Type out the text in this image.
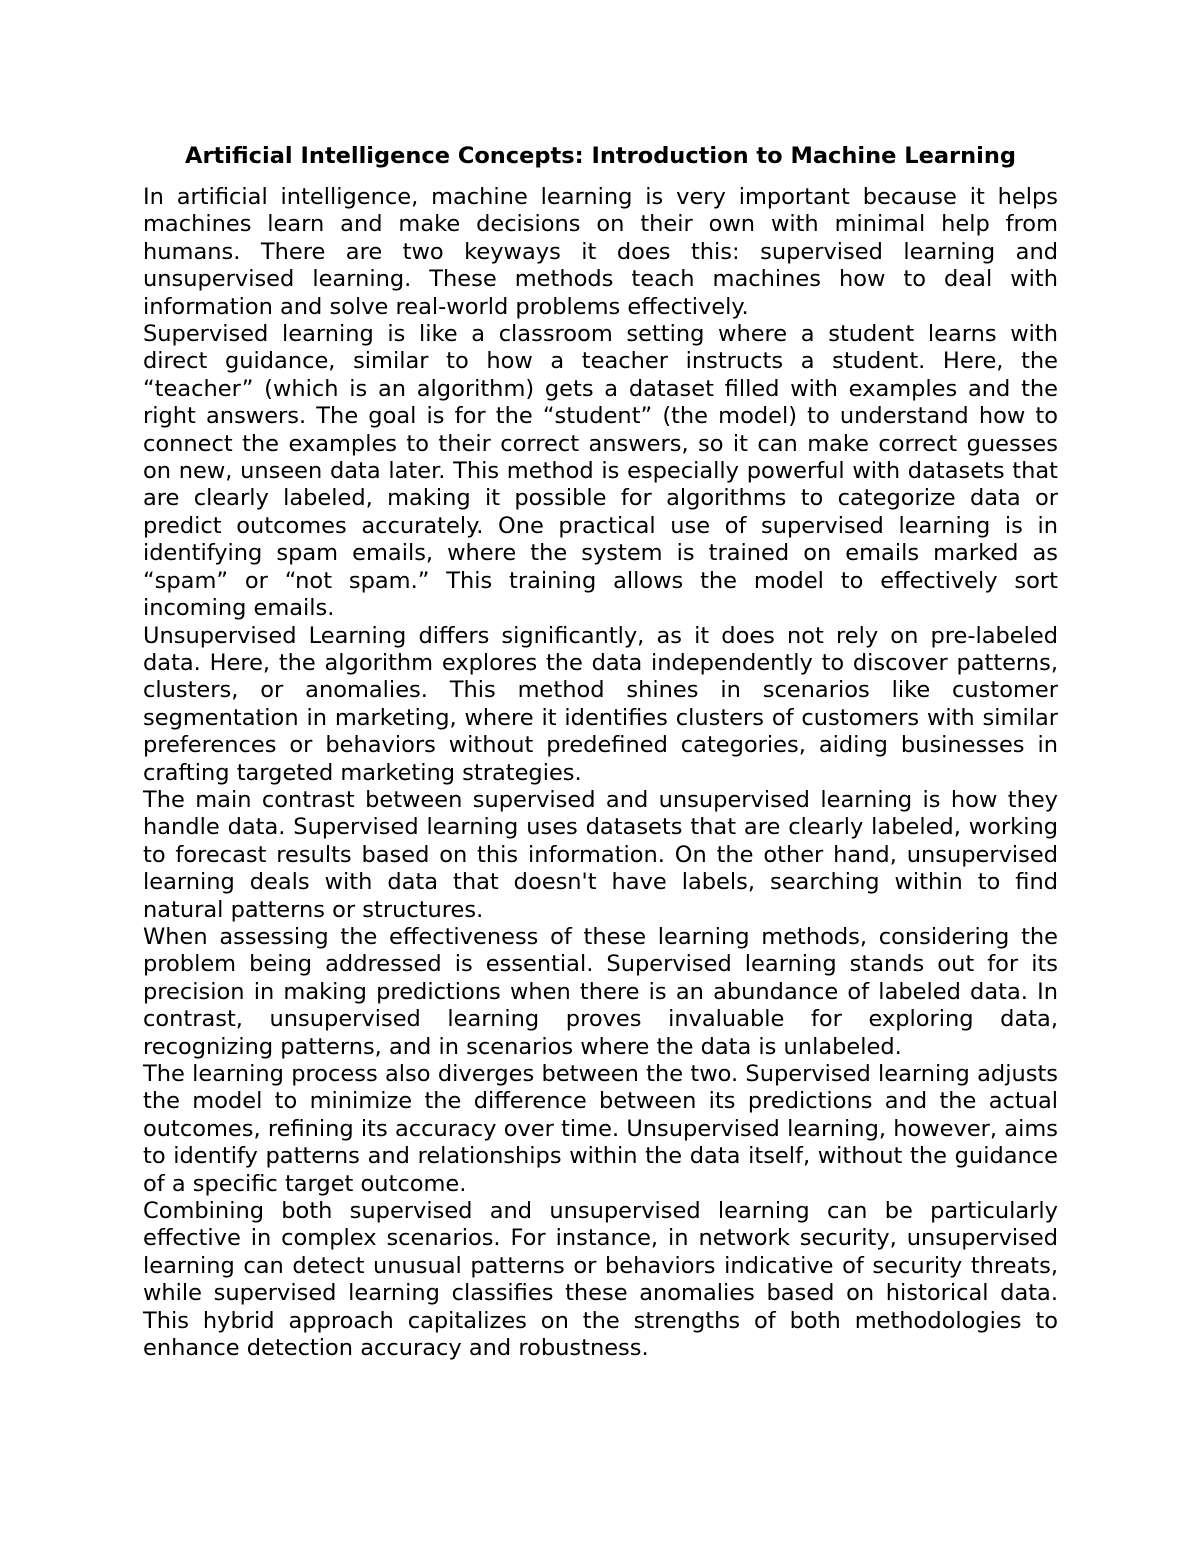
Artificial Intelligence Concepts: Introduction to Machine Learning

In artificial intelligence, machine learning is very important because it helps machines learn and make decisions on their own with minimal help from humans. There are two keyways it does this: supervised learning and unsupervised learning. These methods teach machines how to deal with information and solve real-world problems effectively.

Supervised learning is like a classroom setting where a student learns with direct guidance, similar to how a teacher instructs a student. Here, the “teacher” (which is an algorithm) gets a dataset filled with examples and the right answers. The goal is for the “student” (the model) to understand how to connect the examples to their correct answers, so it can make correct guesses on new, unseen data later. This method is especially powerful with datasets that are clearly labeled, making it possible for algorithms to categorize data or predict outcomes accurately. One practical use of supervised learning is in identifying spam emails, where the system is trained on emails marked as “spam” or “not spam.” This training allows the model to effectively sort incoming emails.

Unsupervised Learning differs significantly, as it does not rely on pre-labeled data. Here, the algorithm explores the data independently to discover patterns, clusters, or anomalies. This method shines in scenarios like customer segmentation in marketing, where it identifies clusters of customers with similar preferences or behaviors without predefined categories, aiding businesses in crafting targeted marketing strategies.

The main contrast between supervised and unsupervised learning is how they handle data. Supervised learning uses datasets that are clearly labeled, working to forecast results based on this information. On the other hand, unsupervised learning deals with data that doesn't have labels, searching within to find natural patterns or structures.

When assessing the effectiveness of these learning methods, considering the problem being addressed is essential. Supervised learning stands out for its precision in making predictions when there is an abundance of labeled data. In contrast, unsupervised learning proves invaluable for exploring data, recognizing patterns, and in scenarios where the data is unlabeled.

The learning process also diverges between the two. Supervised learning adjusts the model to minimize the difference between its predictions and the actual outcomes, refining its accuracy over time. Unsupervised learning, however, aims to identify patterns and relationships within the data itself, without the guidance of a specific target outcome.

Combining both supervised and unsupervised learning can be particularly effective in complex scenarios. For instance, in network security, unsupervised learning can detect unusual patterns or behaviors indicative of security threats, while supervised learning classifies these anomalies based on historical data. This hybrid approach capitalizes on the strengths of both methodologies to enhance detection accuracy and robustness.
